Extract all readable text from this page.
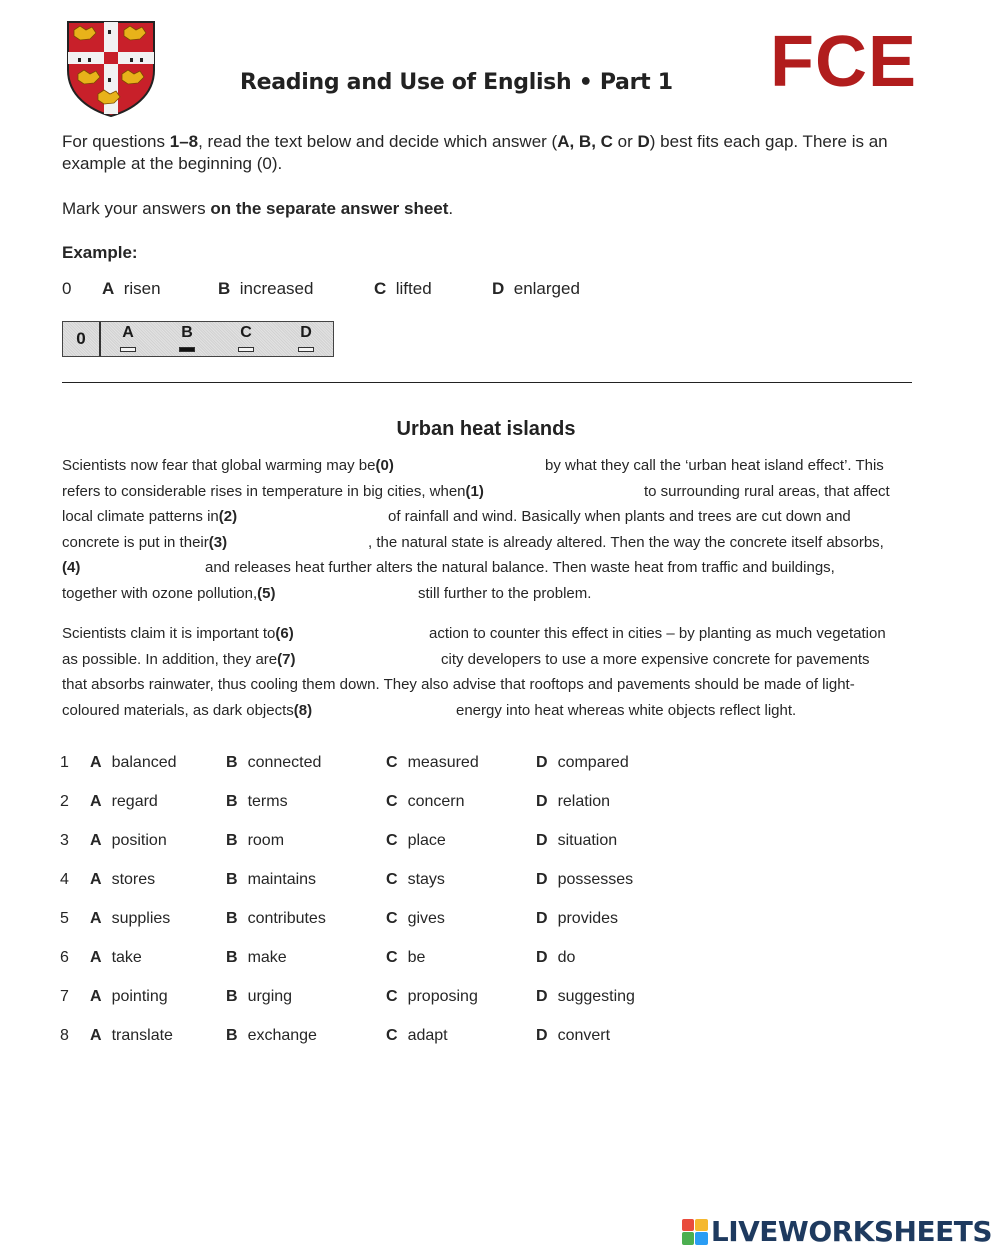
Reading and Use of English • Part 1 FCE
For questions 1–8, read the text below and decide which answer (A, B, C or D) best fits each gap. There is an example at the beginning (0).
Mark your answers on the separate answer sheet.
Example:
0 A risen	B increased	C lifted	D enlarged
0	A	B	C	D
Urban heat islands
Scientists now fear that global warming may be (0)	by what they call the ‘urban heat island effect’. This
refers to considerable rises in temperature in big cities, when (1)	to surrounding rural areas, that affect
local climate patterns in (2)	of rainfall and wind. Basically when plants and trees are cut down and
concrete is put in their (3)	, the natural state is already altered. Then the way the concrete itself absorbs,
(4)	and releases heat further alters the natural balance. Then waste heat from traffic and buildings,
together with ozone pollution, (5)	still further to the problem.
Scientists claim it is important to (6)	action to counter this effect in cities – by planting as much vegetation
as possible. In addition, they are (7)	city developers to use a more expensive concrete for pavements
that absorbs rainwater, thus cooling them down. They also advise that rooftops and pavements should be made of light-
coloured materials, as dark objects (8)	energy into heat whereas white objects reflect light.
1 A balanced	B connected	C measured	D compared
2 A regard	B terms	C concern	D relation
3 A position	B room	C place	D situation
4 A stores	B maintains	C stays	D possesses
5 A supplies	B contributes	C gives	D provides
6 A take	B make	C be	D do
7 A pointing	B urging	C proposing	D suggesting
8 A translate	B exchange	C adapt	D convert
LIVEWORKSHEETS
